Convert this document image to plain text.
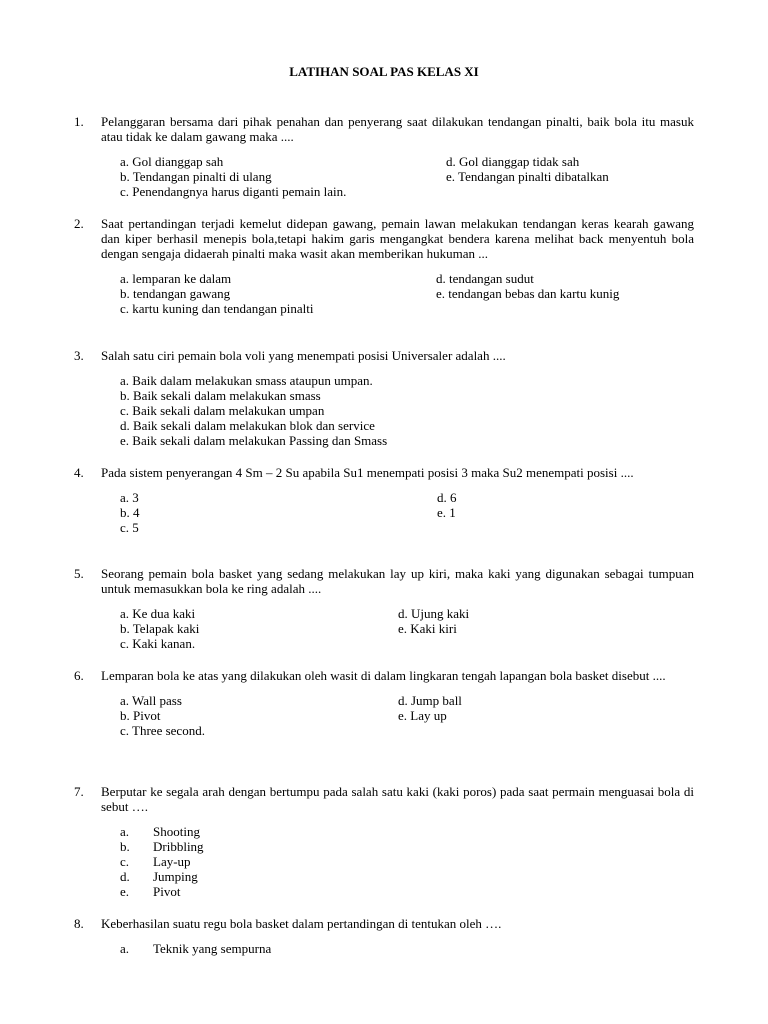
LATIHAN SOAL PAS KELAS XI
1. Pelanggaran bersama dari pihak penahan dan penyerang saat dilakukan tendangan pinalti, baik bola itu masuk atau tidak ke dalam gawang maka ....
a. Gol dianggap sah
b. Tendangan pinalti di ulang
c. Penendangnya harus diganti pemain lain.
d. Gol dianggap tidak sah
e. Tendangan pinalti dibatalkan
2. Saat pertandingan terjadi kemelut didepan gawang, pemain lawan melakukan tendangan keras kearah gawang dan kiper berhasil menepis bola,tetapi hakim garis mengangkat bendera karena melihat back menyentuh bola dengan sengaja didaerah pinalti maka wasit akan memberikan hukuman ...
a. lemparan ke dalam
b. tendangan gawang
c. kartu kuning dan tendangan pinalti
d. tendangan sudut
e. tendangan bebas dan kartu kunig
3. Salah satu ciri pemain bola voli yang menempati posisi Universaler adalah ....
a. Baik dalam melakukan smass ataupun umpan.
b. Baik sekali dalam melakukan smass
c. Baik sekali dalam melakukan umpan
d. Baik sekali dalam melakukan blok dan service
e. Baik sekali dalam melakukan Passing dan Smass
4. Pada sistem penyerangan 4 Sm – 2 Su apabila Su1 menempati posisi 3 maka Su2 menempati posisi ....
a. 3
b. 4
c. 5
d. 6
e. 1
5. Seorang pemain bola basket yang sedang melakukan lay up kiri, maka kaki yang digunakan sebagai tumpuan untuk memasukkan bola ke ring adalah ....
a. Ke dua kaki
b. Telapak kaki
c. Kaki kanan.
d. Ujung kaki
e. Kaki kiri
6. Lemparan bola ke atas yang dilakukan oleh wasit di dalam lingkaran tengah lapangan bola basket disebut ....
a. Wall pass
b. Pivot
c. Three second.
d. Jump ball
e. Lay up
7. Berputar ke segala arah dengan bertumpu pada salah satu kaki (kaki poros) pada saat permain menguasai bola di sebut ….
a.
b.
c.
d.
e.
Shooting
Dribbling
Lay-up
Jumping
Pivot
8. Keberhasilan suatu regu bola basket dalam pertandingan di tentukan oleh ….
a. Teknik yang sempurna
